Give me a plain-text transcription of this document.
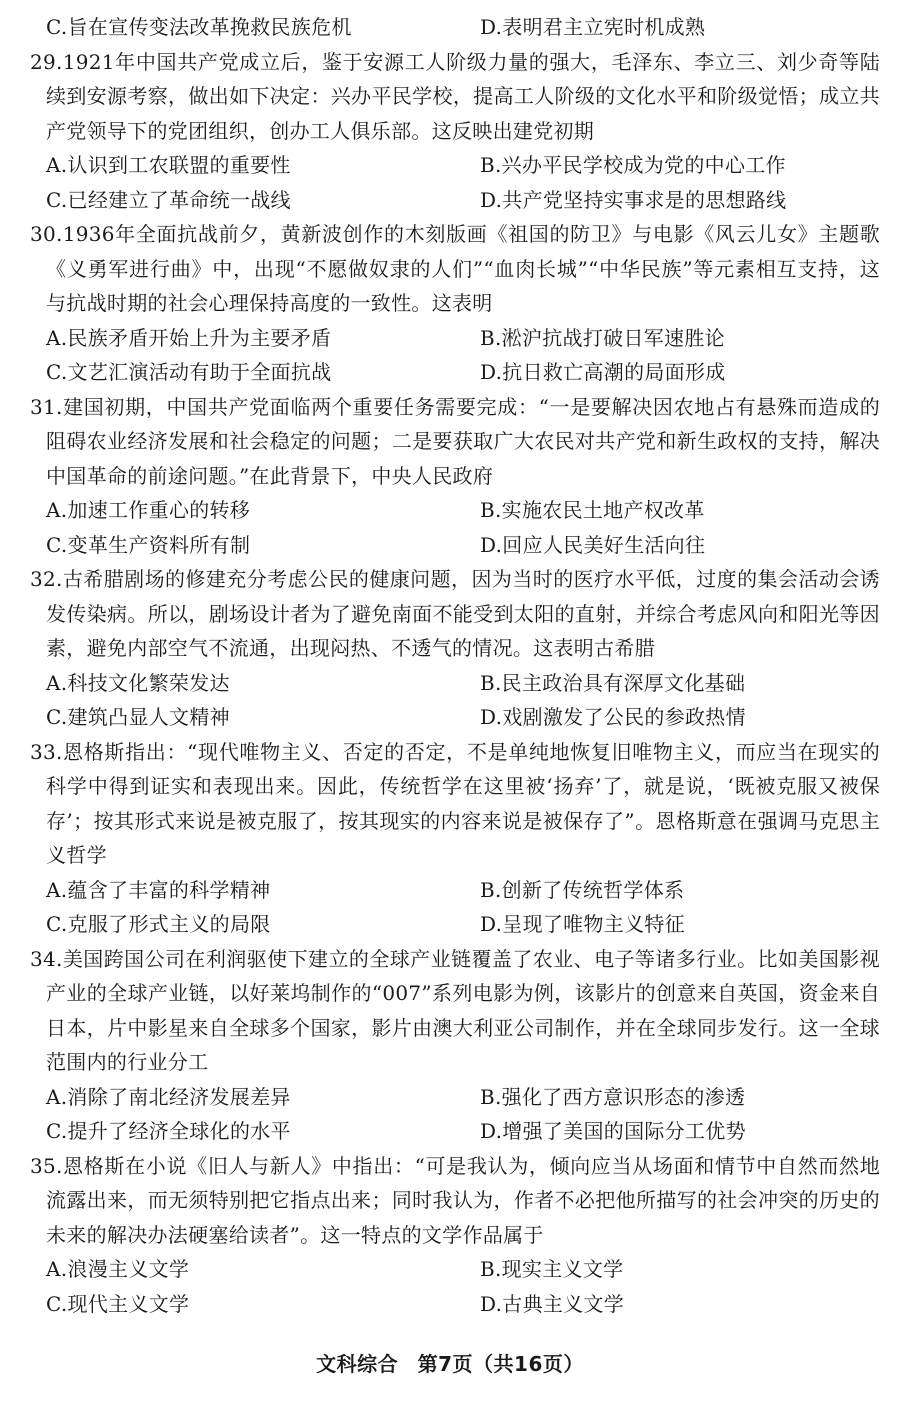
C.旨在宣传变法改革挽救民族危机	D.表明君主立宪时机成熟

29.1921年中国共产党成立后，鉴于安源工人阶级力量的强大，毛泽东、李立三、刘少奇等陆续到安源考察，做出如下决定：兴办平民学校，提高工人阶级的文化水平和阶级觉悟；成立共产党领导下的党团组织，创办工人俱乐部。这反映出建党初期

A.认识到工农联盟的重要性	B.兴办平民学校成为党的中心工作
C.已经建立了革命统一战线	D.共产党坚持实事求是的思想路线

30.1936年全面抗战前夕，黄新波创作的木刻版画《祖国的防卫》与电影《风云儿女》主题歌《义勇军进行曲》中，出现“不愿做奴隶的人们”“血肉长城”“中华民族”等元素相互支持，这与抗战时期的社会心理保持高度的一致性。这表明

A.民族矛盾开始上升为主要矛盾	B.淞沪抗战打破日军速胜论
C.文艺汇演活动有助于全面抗战	D.抗日救亡高潮的局面形成

31.建国初期，中国共产党面临两个重要任务需要完成：“一是要解决因农地占有悬殊而造成的阻碍农业经济发展和社会稳定的问题；二是要获取广大农民对共产党和新生政权的支持，解决中国革命的前途问题。”在此背景下，中央人民政府

A.加速工作重心的转移	B.实施农民土地产权改革
C.变革生产资料所有制	D.回应人民美好生活向往

32.古希腊剧场的修建充分考虑公民的健康问题，因为当时的医疗水平低，过度的集会活动会诱发传染病。所以，剧场设计者为了避免南面不能受到太阳的直射，并综合考虑风向和阳光等因素，避免内部空气不流通，出现闷热、不透气的情况。这表明古希腊

A.科技文化繁荣发达	B.民主政治具有深厚文化基础
C.建筑凸显人文精神	D.戏剧激发了公民的参政热情

33.恩格斯指出：“现代唯物主义、否定的否定，不是单纯地恢复旧唯物主义，而应当在现实的科学中得到证实和表现出来。因此，传统哲学在这里被‘扬弃’了，就是说，‘既被克服又被保存’；按其形式来说是被克服了，按其现实的内容来说是被保存了”。恩格斯意在强调马克思主义哲学

A.蕴含了丰富的科学精神	B.创新了传统哲学体系
C.克服了形式主义的局限	D.呈现了唯物主义特征

34.美国跨国公司在利润驱使下建立的全球产业链覆盖了农业、电子等诸多行业。比如美国影视产业的全球产业链，以好莱坞制作的“007”系列电影为例，该影片的创意来自英国，资金来自日本，片中影星来自全球多个国家，影片由澳大利亚公司制作，并在全球同步发行。这一全球范围内的行业分工

A.消除了南北经济发展差异	B.强化了西方意识形态的渗透
C.提升了经济全球化的水平	D.增强了美国的国际分工优势

35.恩格斯在小说《旧人与新人》中指出：“可是我认为，倾向应当从场面和情节中自然而然地流露出来，而无须特别把它指点出来；同时我认为，作者不必把他所描写的社会冲突的历史的未来的解决办法硬塞给读者”。这一特点的文学作品属于

A.浪漫主义文学	B.现实主义文学
C.现代主义文学	D.古典主义文学
文科综合 第7页（共16页）
